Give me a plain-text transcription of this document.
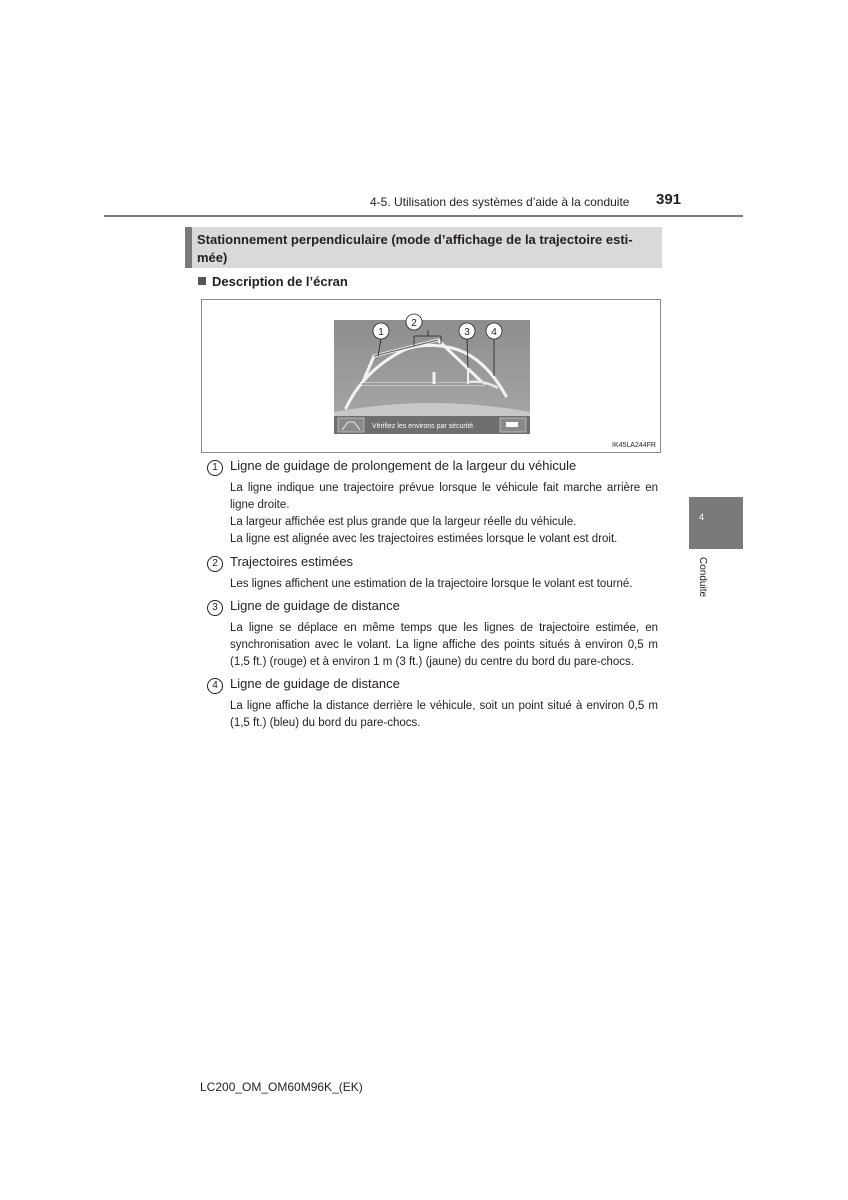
4-5. Utilisation des systèmes d’aide à la conduite 391
Stationnement perpendiculaire (mode d’affichage de la trajectoire esti-
mée)
Description de l’écran
Vérifiez les environs par sécurité.
1
2
3 4
IK45LA244FR
1 Ligne de guidage de prolongement de la largeur du véhicule

La ligne indique une trajectoire prévue lorsque le véhicule fait marche arrière en ligne droite.

La largeur affichée est plus grande que la largeur réelle du véhicule.

La ligne est alignée avec les trajectoires estimées lorsque le volant est droit.

2 Trajectoires estimées

Les lignes affichent une estimation de la trajectoire lorsque le volant est tourné.

3 Ligne de guidage de distance

La ligne se déplace en même temps que les lignes de trajectoire estimée, en synchronisation avec le volant. La ligne affiche des points situés à environ 0,5 m (1,5 ft.) (rouge) et à environ 1 m (3 ft.) (jaune) du centre du bord du pare-chocs.

4 Ligne de guidage de distance

La ligne affiche la distance derrière le véhicule, soit un point situé à environ 0,5 m (1,5 ft.) (bleu) du bord du pare-chocs.

4
Conduite
LC200_OM_OM60M96K_(EK)
